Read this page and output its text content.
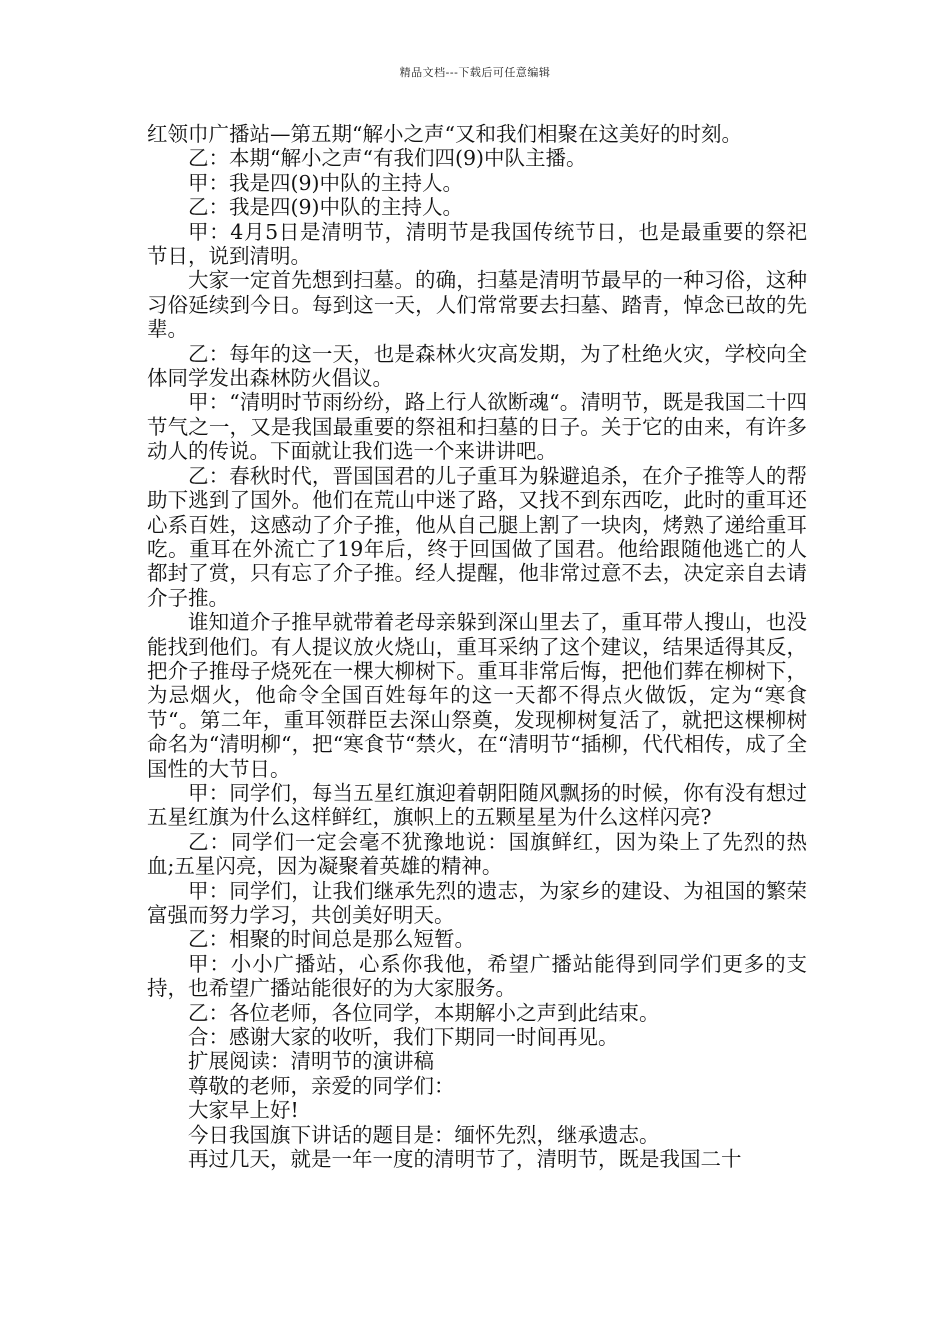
精品文档---下载后可任意编辑

红领巾广播站—第五期“解小之声“又和我们相聚在这美好的时刻。

乙：本期“解小之声“有我们四(9)中队主播。

甲：我是四(9)中队的主持人。

乙：我是四(9)中队的主持人。

甲：4月5日是清明节，清明节是我国传统节日，也是最重要的祭祀节日，说到清明。

大家一定首先想到扫墓。的确，扫墓是清明节最早的一种习俗，这种习俗延续到今日。每到这一天，人们常常要去扫墓、踏青，悼念已故的先辈。

乙：每年的这一天，也是森林火灾高发期，为了杜绝火灾，学校向全体同学发出森林防火倡议。

甲：“清明时节雨纷纷，路上行人欲断魂“。清明节，既是我国二十四节气之一，又是我国最重要的祭祖和扫墓的日子。关于它的由来，有许多动人的传说。下面就让我们选一个来讲讲吧。

乙：春秋时代，晋国国君的儿子重耳为躲避追杀，在介子推等人的帮助下逃到了国外。他们在荒山中迷了路，又找不到东西吃，此时的重耳还心系百姓，这感动了介子推，他从自己腿上割了一块肉，烤熟了递给重耳吃。重耳在外流亡了19年后，终于回国做了国君。他给跟随他逃亡的人都封了赏，只有忘了介子推。经人提醒，他非常过意不去，决定亲自去请介子推。

谁知道介子推早就带着老母亲躲到深山里去了，重耳带人搜山，也没能找到他们。有人提议放火烧山，重耳采纳了这个建议，结果适得其反，把介子推母子烧死在一棵大柳树下。重耳非常后悔，把他们葬在柳树下，为忌烟火，他命令全国百姓每年的这一天都不得点火做饭，定为“寒食节“。第二年，重耳领群臣去深山祭奠，发现柳树复活了，就把这棵柳树命名为“清明柳“，把“寒食节“禁火，在“清明节“插柳，代代相传，成了全国性的大节日。

甲：同学们，每当五星红旗迎着朝阳随风飘扬的时候，你有没有想过五星红旗为什么这样鲜红，旗帜上的五颗星星为什么这样闪亮?

乙：同学们一定会毫不犹豫地说：国旗鲜红，因为染上了先烈的热血;五星闪亮，因为凝聚着英雄的精神。

甲：同学们，让我们继承先烈的遗志，为家乡的建设、为祖国的繁荣富强而努力学习，共创美好明天。

乙：相聚的时间总是那么短暂。

甲：小小广播站，心系你我他，希望广播站能得到同学们更多的支持，也希望广播站能很好的为大家服务。

乙：各位老师，各位同学，本期解小之声到此结束。

合：感谢大家的收听，我们下期同一时间再见。

扩展阅读：清明节的演讲稿

尊敬的老师，亲爱的同学们：

大家早上好!

今日我国旗下讲话的题目是：缅怀先烈，继承遗志。

再过几天，就是一年一度的清明节了，清明节，既是我国二十
